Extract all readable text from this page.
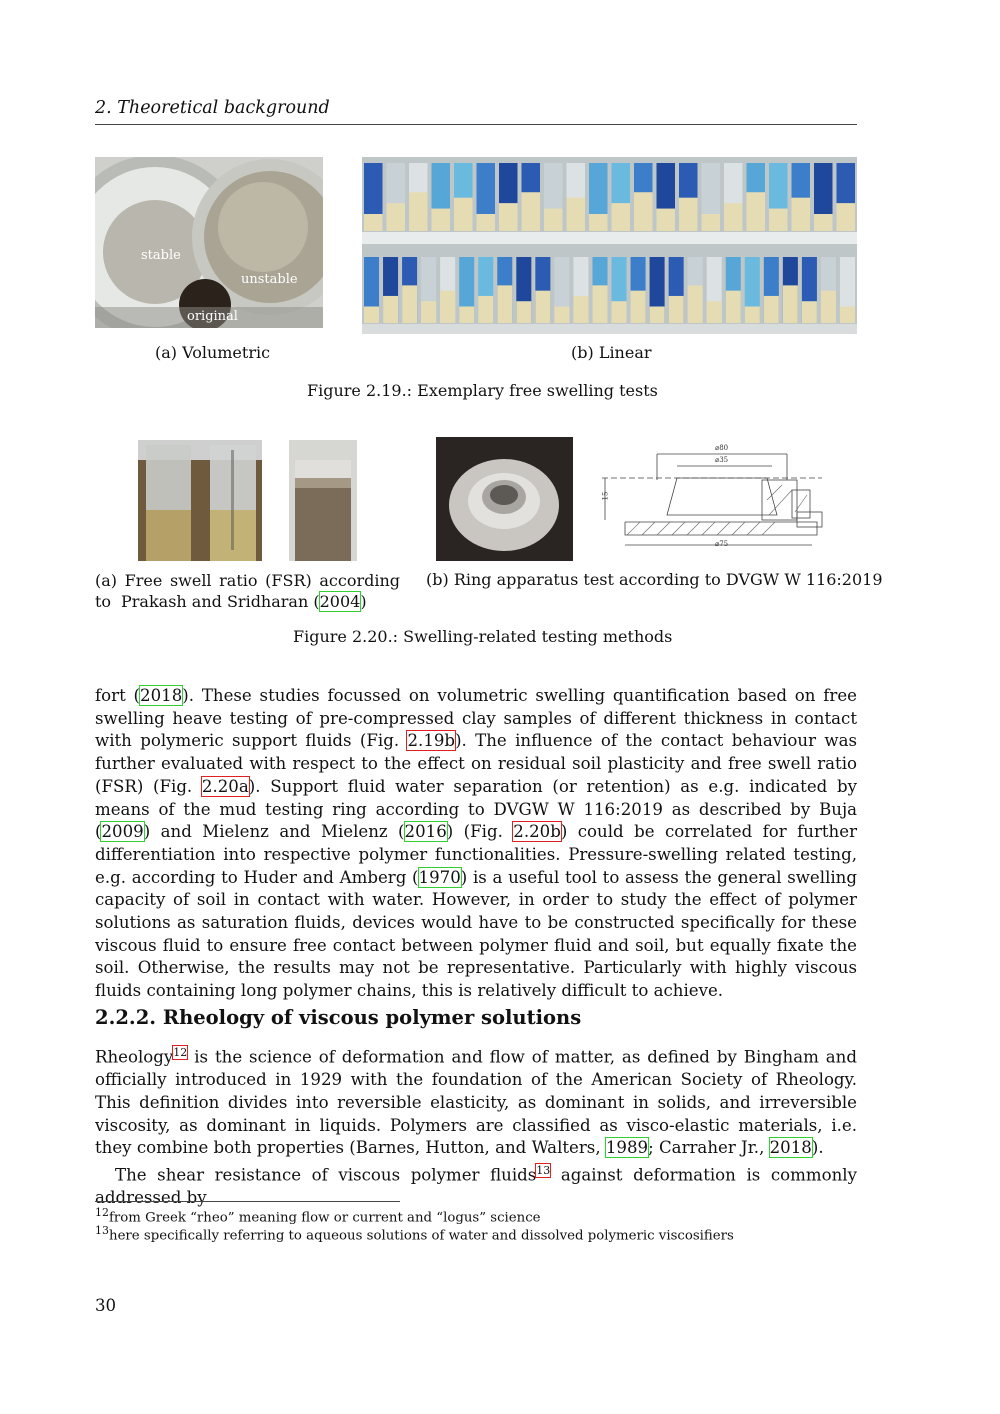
2. Theoretical background
stable
unstable
original
(a) Volumetric	(b) Linear
Figure 2.19.: Exemplary free swelling tests
⌀80
⌀35
15
⌀75
(a) Free swell ratio (FSR) according to Prakash and Sridharan (2004)
(b) Ring apparatus test according to DVGW W 116:2019
Figure 2.20.: Swelling-related testing methods

fort (2018). These studies focussed on volumetric swelling quantification based on free swelling heave testing of pre-compressed clay samples of different thickness in contact with polymeric support fluids (Fig. 2.19b). The influence of the contact behaviour was further evaluated with respect to the effect on residual soil plasticity and free swell ratio (FSR) (Fig. 2.20a). Support fluid water separation (or retention) as e.g. indicated by means of the mud testing ring according to DVGW W 116:2019 as described by Buja (2009) and Mielenz and Mielenz (2016) (Fig. 2.20b) could be correlated for further differentiation into respective polymer functionalities. Pressure-swelling related testing, e.g. according to Huder and Amberg (1970) is a useful tool to assess the general swelling capacity of soil in contact with water. However, in order to study the effect of polymer solutions as saturation fluids, devices would have to be constructed specifically for these viscous fluid to ensure free contact between polymer fluid and soil, but equally fixate the soil. Otherwise, the results may not be representative. Particularly with highly viscous fluids containing long polymer chains, this is relatively difficult to achieve.

2.2.2. Rheology of viscous polymer solutions

Rheology$^{12}$ is the science of deformation and flow of matter, as defined by Bingham and officially introduced in 1929 with the foundation of the American Society of Rheology. This definition divides into reversible elasticity, as dominant in solids, and irreversible viscosity, as dominant in liquids. Polymers are classified as visco-elastic materials, i.e. they combine both properties (Barnes, Hutton, and Walters, 1989; Carraher Jr., 2018).

The shear resistance of viscous polymer fluids$^{13}$ against deformation is commonly addressed by

$^{12}$from Greek “rheo” meaning flow or current and “logus” science
$^{13}$here specifically referring to aqueous solutions of water and dissolved polymeric viscosifiers
30
